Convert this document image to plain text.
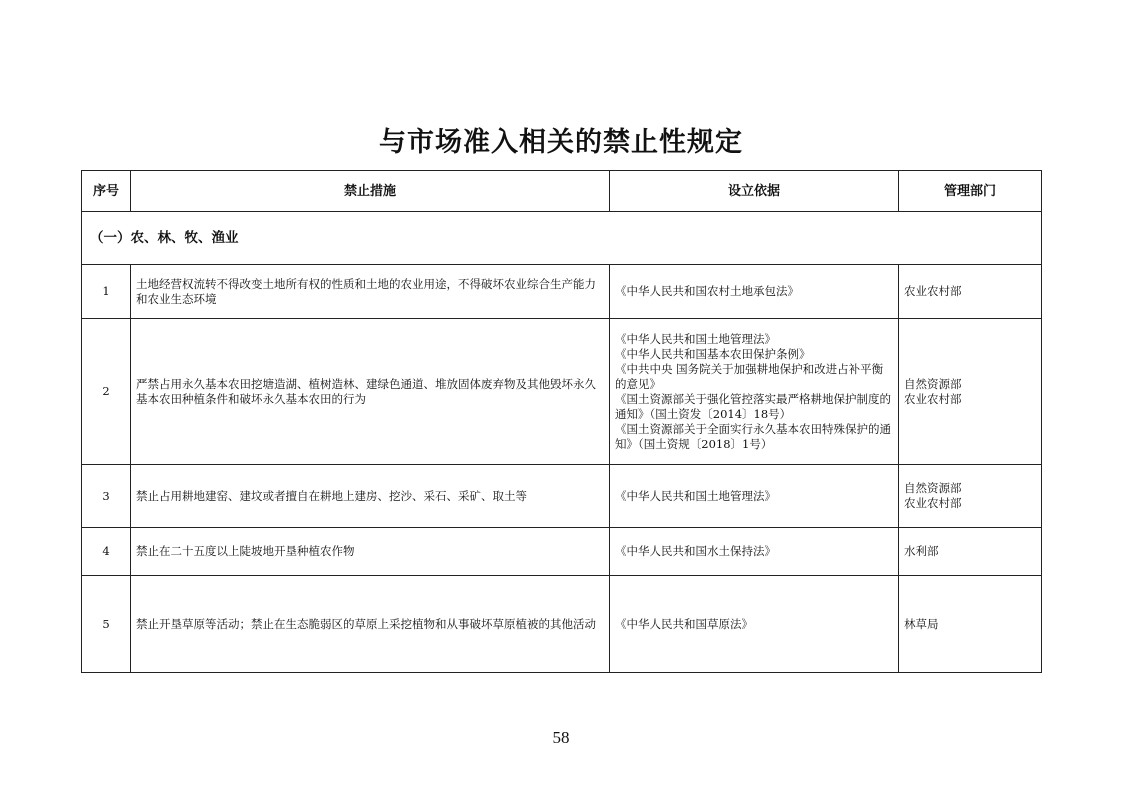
与市场准入相关的禁止性规定
序号	禁止措施	设立依据	管理部门
（一）农、林、牧、渔业			
1	土地经营权流转不得改变土地所有权的性质和土地的农业用途，不得破坏农业综合生产能力和农业生态环境	《中华人民共和国农村土地承包法》	农业农村部

2	严禁占用永久基本农田挖塘造湖、植树造林、建绿色通道、堆放固体废弃物及其他毁坏永久基本农田种植条件和破坏永久基本农田的行为	《中华人民共和国土地管理法》
《中华人民共和国基本农田保护条例》
《中共中央 国务院关于加强耕地保护和改进占补平衡的意见》
《国土资源部关于强化管控落实最严格耕地保护制度的通知》（国土资发〔2014〕18号）
《国土资源部关于全面实行永久基本农田特殊保护的通知》（国土资规〔2018〕1号）	自然资源部
农业农村部

3	禁止占用耕地建窑、建坟或者擅自在耕地上建房、挖沙、采石、采矿、取土等	《中华人民共和国土地管理法》	自然资源部
农业农村部

4	禁止在二十五度以上陡坡地开垦种植农作物	《中华人民共和国水土保持法》	水利部

5	禁止开垦草原等活动；禁止在生态脆弱区的草原上采挖植物和从事破坏草原植被的其他活动	《中华人民共和国草原法》	林草局
58
